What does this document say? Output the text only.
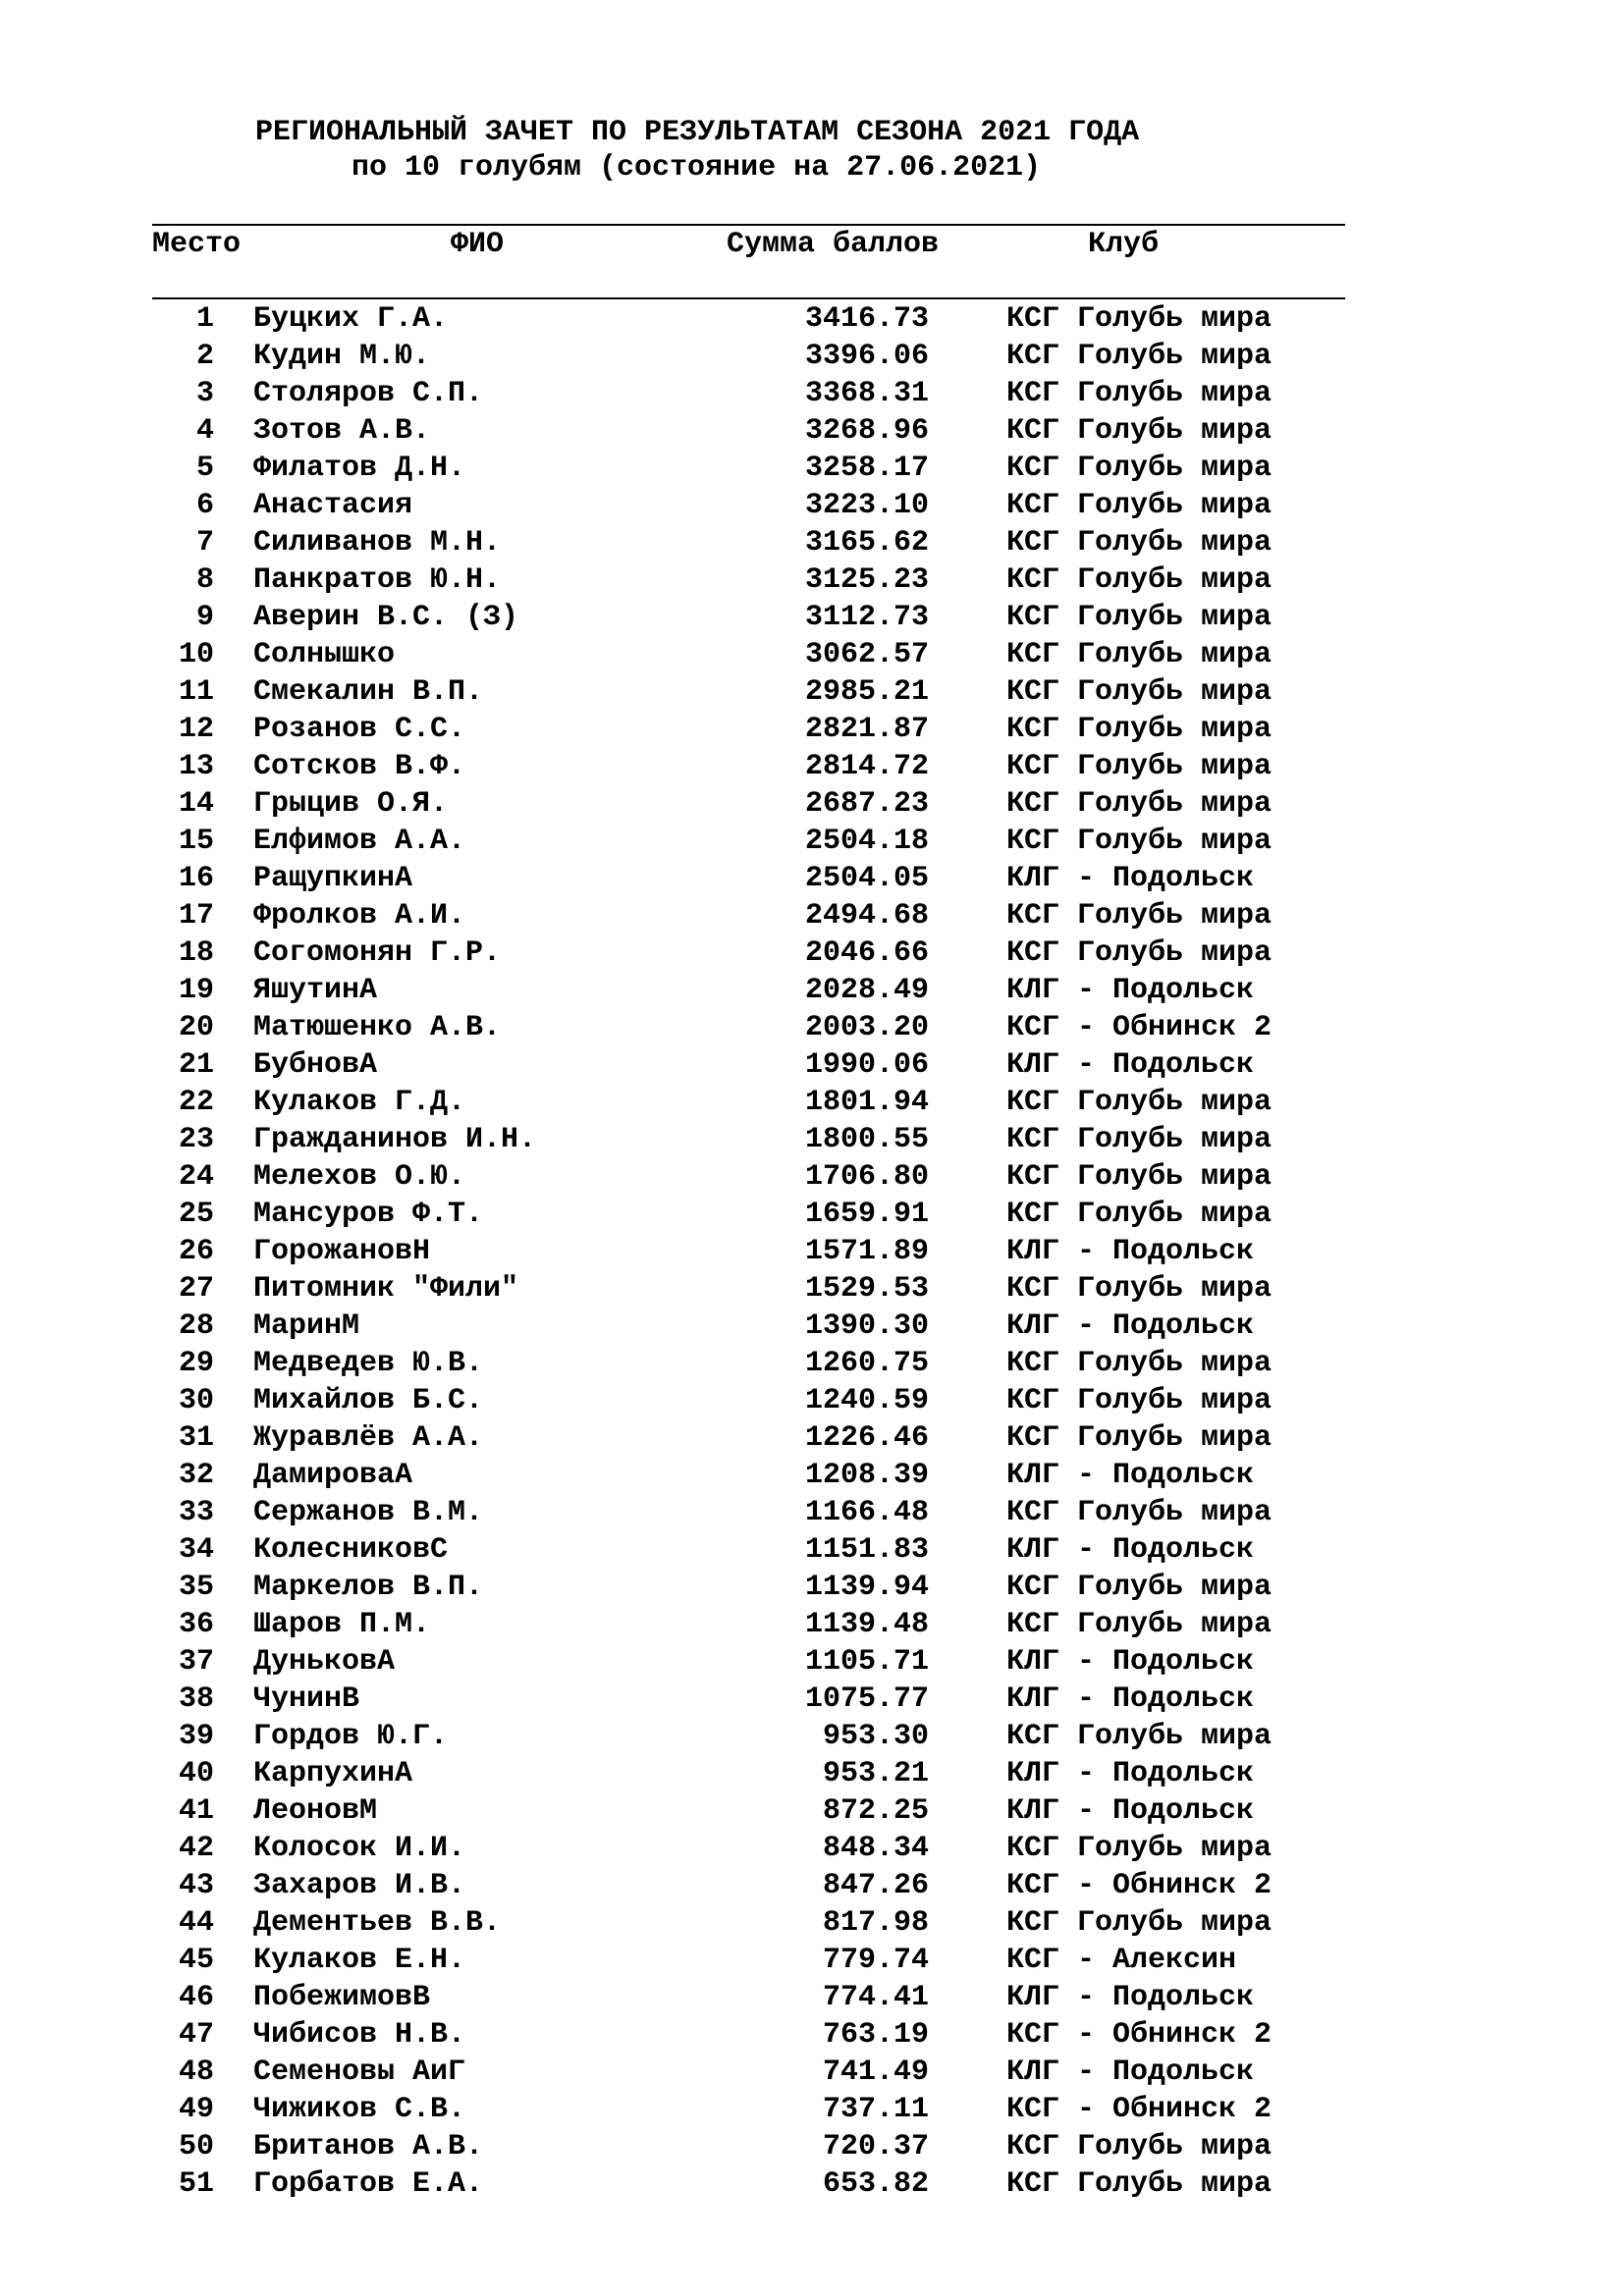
РЕГИОНАЛЬНЫЙ ЗАЧЕТ ПО РЕЗУЛЬТАТАМ СЕЗОНА 2021 ГОДА
по 10 голубям (состояние на 27.06.2021)
Место	ФИО	Сумма баллов	Клуб
1 Буцких Г.А.	3416.73	КСГ Голубь мира
2 Кудин М.Ю.	3396.06	КСГ Голубь мира
3 Столяров С.П.	3368.31	КСГ Голубь мира
4 Зотов А.В.	3268.96	КСГ Голубь мира
5 Филатов Д.Н.	3258.17	КСГ Голубь мира
6 Анастасия	3223.10	КСГ Голубь мира
7 Силиванов М.Н.	3165.62	КСГ Голубь мира
8 Панкратов Ю.Н.	3125.23	КСГ Голубь мира
9 Аверин В.С. (З)	3112.73	КСГ Голубь мира
10 Солнышко	3062.57	КСГ Голубь мира
11 Смекалин В.П.	2985.21	КСГ Голубь мира
12 Розанов С.С.	2821.87	КСГ Голубь мира
13 Сотсков В.Ф.	2814.72	КСГ Голубь мира
14 Грыцив О.Я.	2687.23	КСГ Голубь мира
15 Елфимов А.А.	2504.18	КСГ Голубь мира
16 РащупкинА	2504.05	КЛГ - Подольск
17 Фролков А.И.	2494.68	КСГ Голубь мира
18 Согомонян Г.Р.	2046.66	КСГ Голубь мира
19 ЯшутинА	2028.49	КЛГ - Подольск
20 Матюшенко А.В.	2003.20	КСГ - Обнинск 2
21 БубновА	1990.06	КЛГ - Подольск
22 Кулаков Г.Д.	1801.94	КСГ Голубь мира
23 Гражданинов И.Н.	1800.55	КСГ Голубь мира
24 Мелехов О.Ю.	1706.80	КСГ Голубь мира
25 Мансуров Ф.Т.	1659.91	КСГ Голубь мира
26 ГорожановН	1571.89	КЛГ - Подольск
27 Питомник "Фили"	1529.53	КСГ Голубь мира
28 МаринМ	1390.30	КЛГ - Подольск
29 Медведев Ю.В.	1260.75	КСГ Голубь мира
30 Михайлов Б.С.	1240.59	КСГ Голубь мира
31 Журавлёв А.А.	1226.46	КСГ Голубь мира
32 ДамироваА	1208.39	КЛГ - Подольск
33 Сержанов В.М.	1166.48	КСГ Голубь мира
34 КолесниковС	1151.83	КЛГ - Подольск
35 Маркелов В.П.	1139.94	КСГ Голубь мира
36 Шаров П.М.	1139.48	КСГ Голубь мира
37 ДуньковА	1105.71	КЛГ - Подольск
38 ЧунинВ	1075.77	КЛГ - Подольск
39 Гордов Ю.Г.	953.30	КСГ Голубь мира
40 КарпухинА	953.21	КЛГ - Подольск
41 ЛеоновМ	872.25	КЛГ - Подольск
42 Колосок И.И.	848.34	КСГ Голубь мира
43 Захаров И.В.	847.26	КСГ - Обнинск 2
44 Дементьев В.В.	817.98	КСГ Голубь мира
45 Кулаков Е.Н.	779.74	КСГ - Алексин
46 ПобежимовВ	774.41	КЛГ - Подольск
47 Чибисов Н.В.	763.19	КСГ - Обнинск 2
48 Семеновы АиГ	741.49	КЛГ - Подольск
49 Чижиков С.В.	737.11	КСГ - Обнинск 2
50 Британов А.В.	720.37	КСГ Голубь мира
51 Горбатов Е.А.	653.82	КСГ Голубь мира
